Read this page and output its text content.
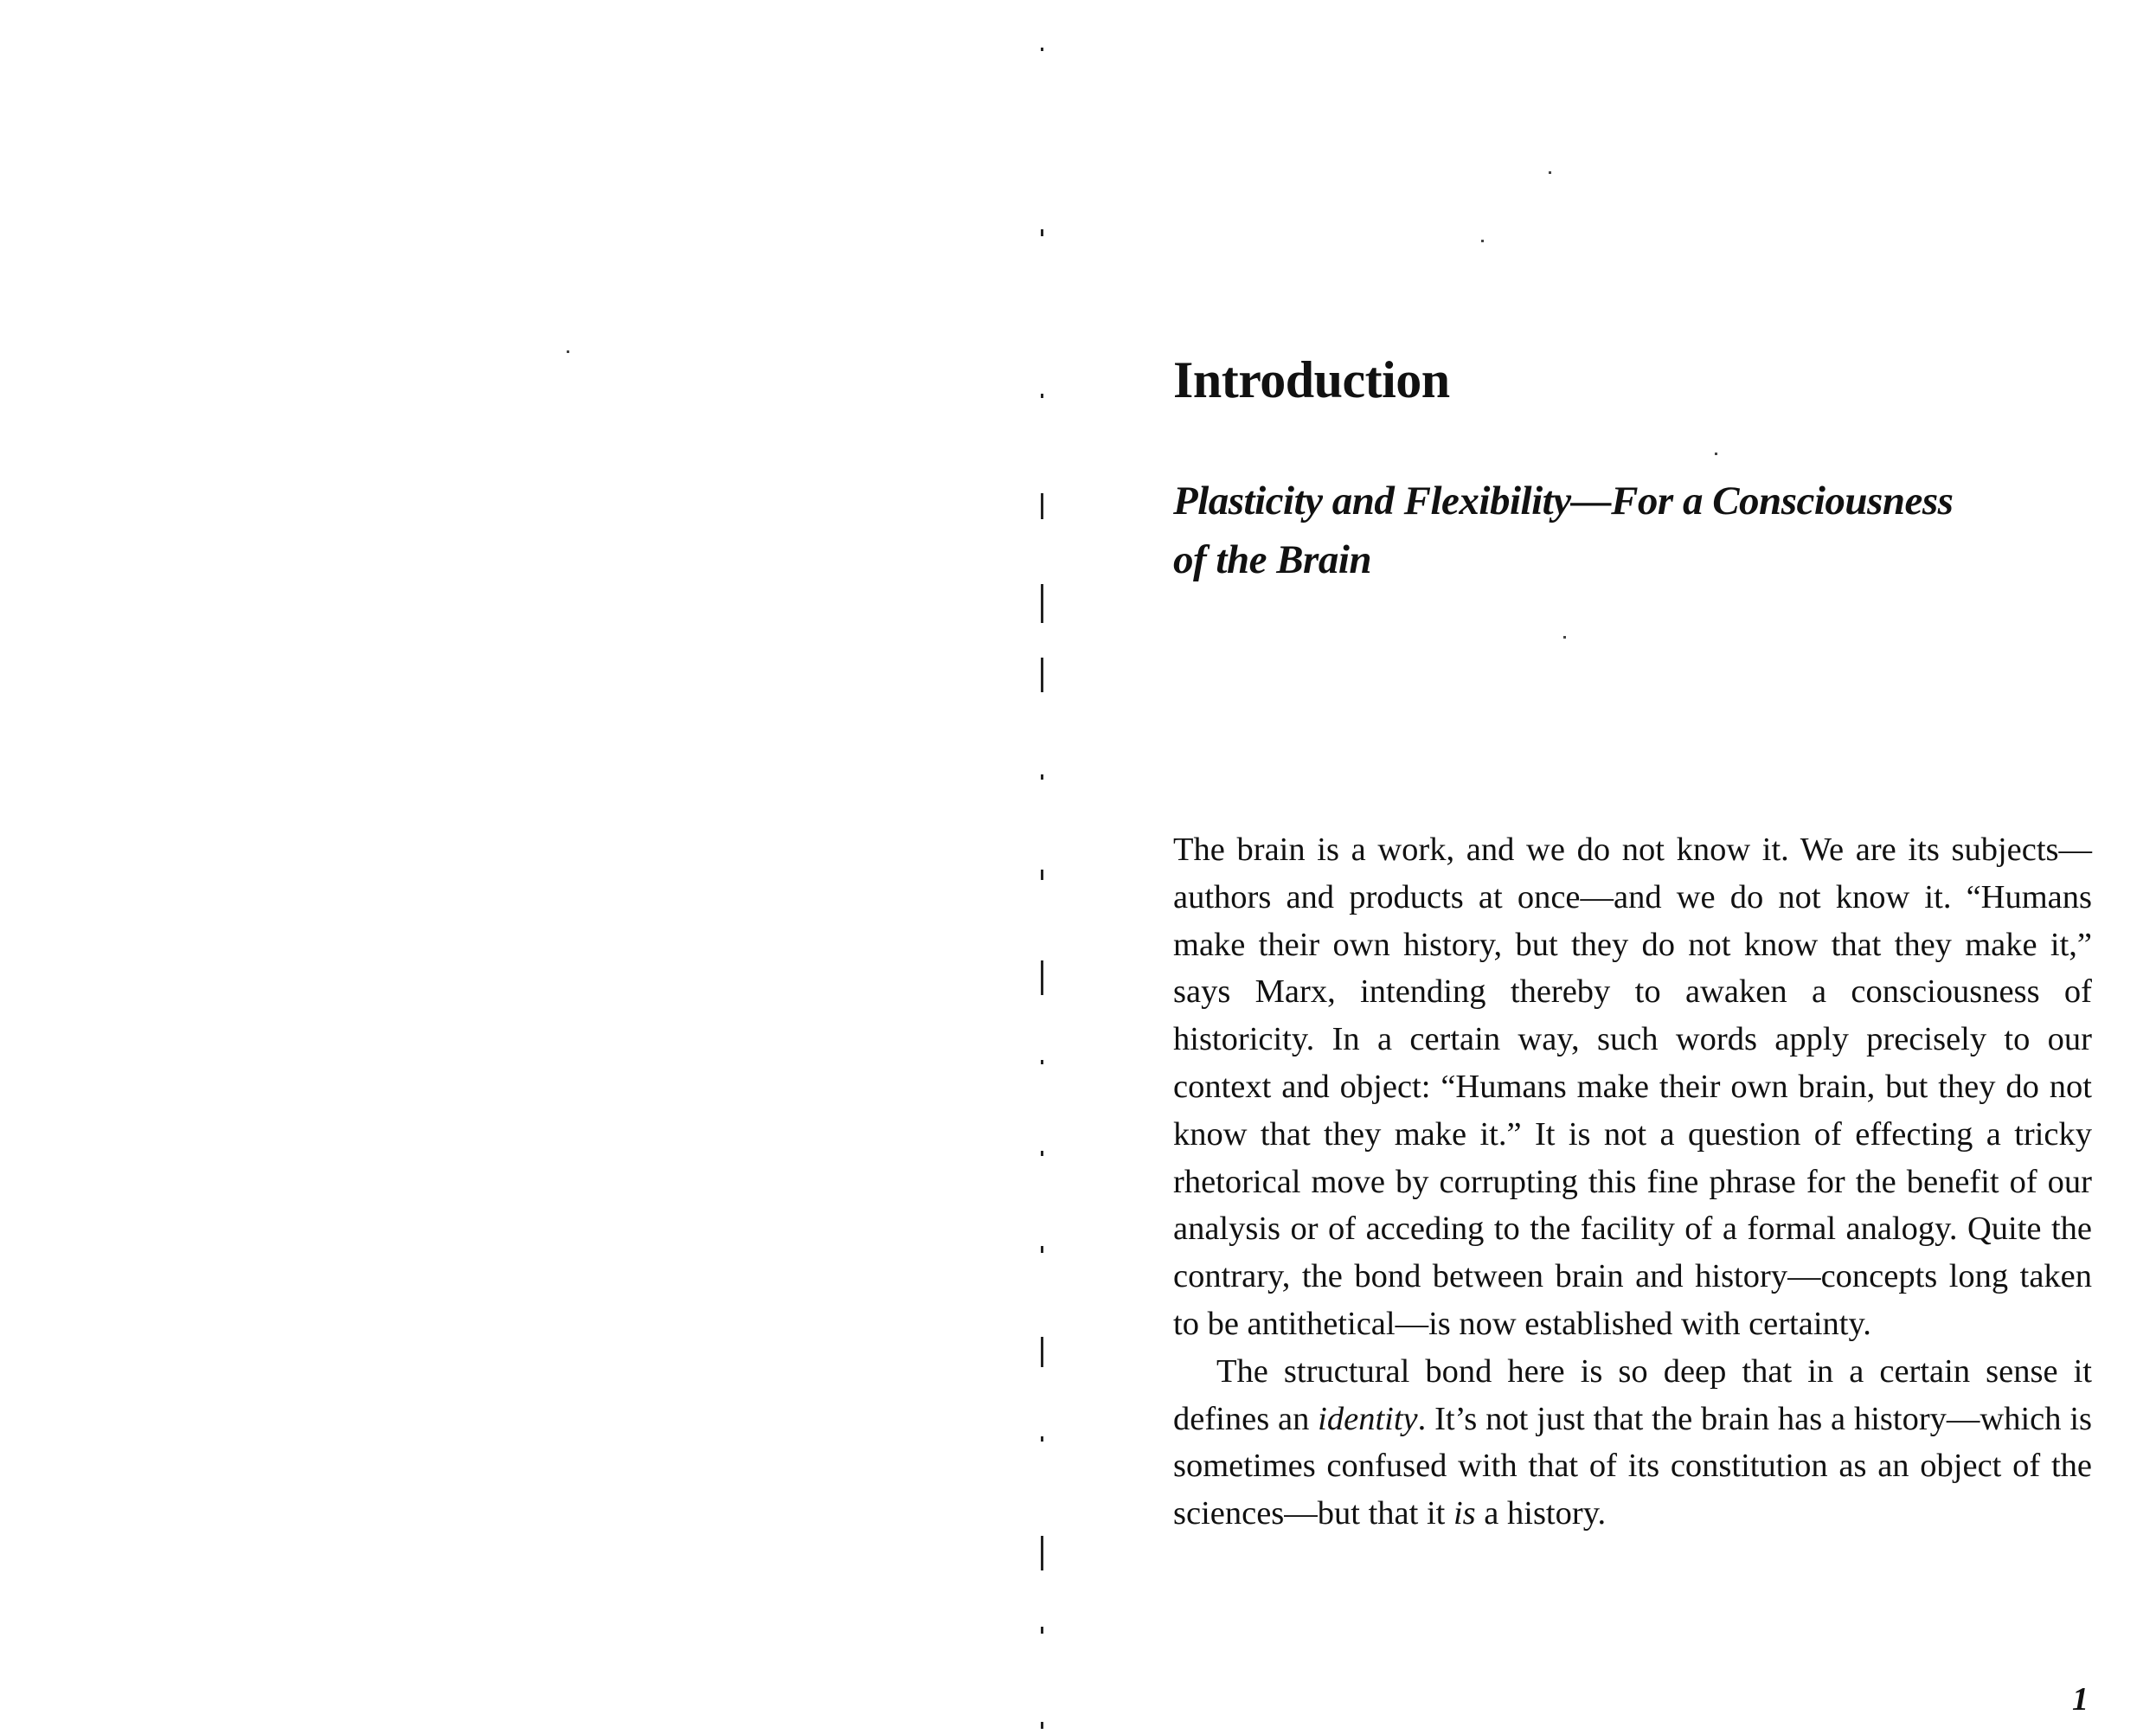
Introduction
Plasticity and Flexibility—For a Consciousness
of the Brain

The brain is a work, and we do not know it. We are its subjects—authors and products at once—and we do not know it. “Humans make their own history, but they do not know that they make it,” says Marx, intending thereby to awaken a consciousness of historicity. In a certain way, such words apply precisely to our context and object: “Humans make their own brain, but they do not know that they make it.” It is not a question of effecting a tricky rhetorical move by corrupting this fine phrase for the benefit of our analysis or of acceding to the facility of a formal analogy. Quite the contrary, the bond between brain and history—concepts long taken to be antithetical—is now established with certainty.

The structural bond here is so deep that in a certain sense it defines an identity. It’s not just that the brain has a history—which is sometimes confused with that of its constitution as an object of the sciences—but that it is a history.

1
